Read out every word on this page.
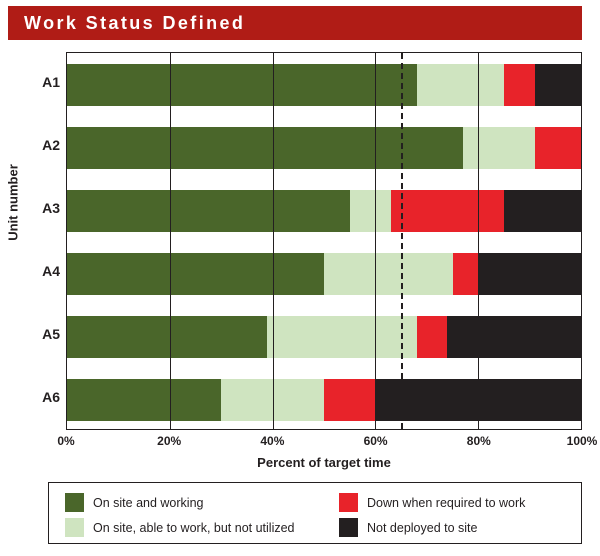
Work Status Defined
Unit number
Percent of target time
On site and working
On site, able to work, but not utilized
Down when required to work
Not deployed to site
A1
A2
A3
A4
A5
A6
0%	20%	40%	60%	80%	100%
